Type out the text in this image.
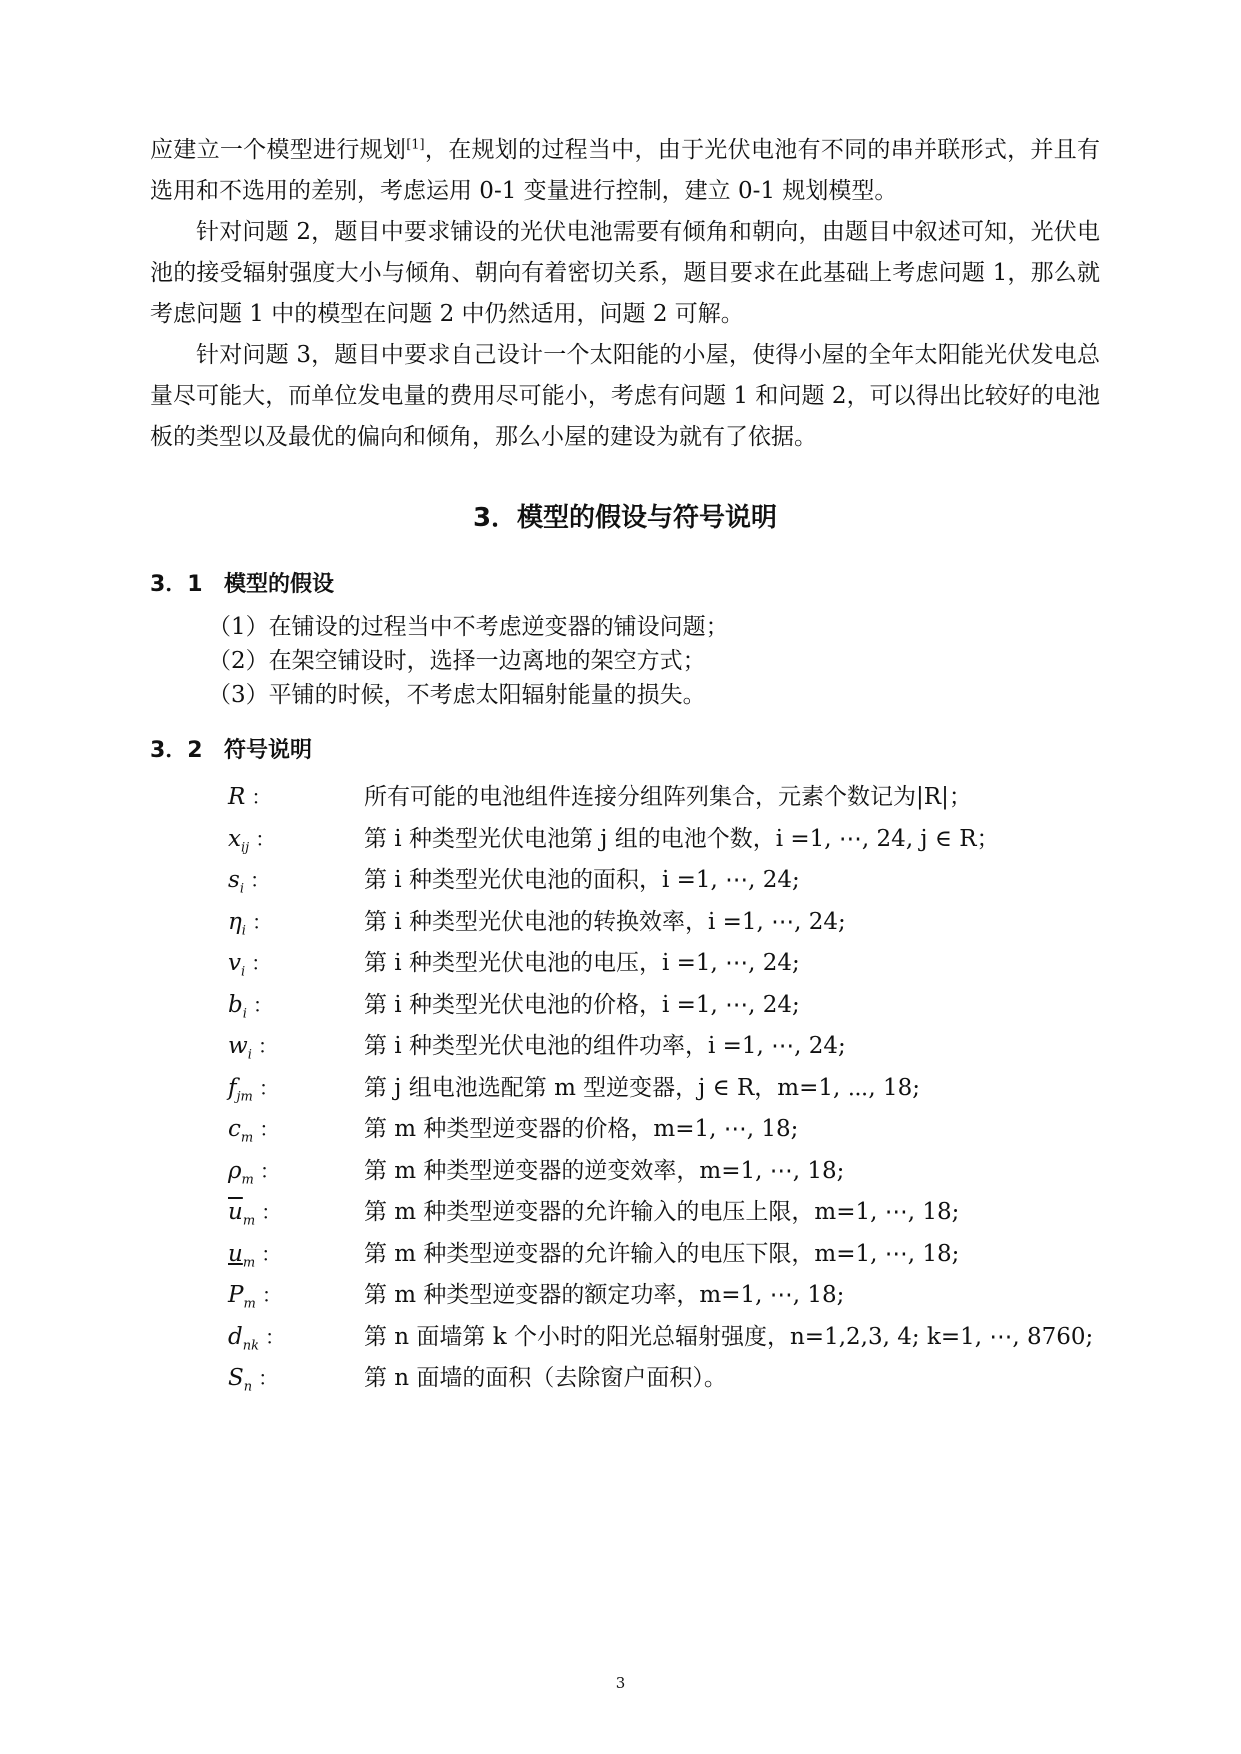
应建立一个模型进行规划[1]，在规划的过程当中，由于光伏电池有不同的串并联形式，并且有选用和不选用的差别，考虑运用 0-1 变量进行控制，建立 0-1 规划模型。

针对问题 2，题目中要求铺设的光伏电池需要有倾角和朝向，由题目中叙述可知，光伏电池的接受辐射强度大小与倾角、朝向有着密切关系，题目要求在此基础上考虑问题 1，那么就考虑问题 1 中的模型在问题 2 中仍然适用，问题 2 可解。

针对问题 3，题目中要求自己设计一个太阳能的小屋，使得小屋的全年太阳能光伏发电总量尽可能大，而单位发电量的费用尽可能小，考虑有问题 1 和问题 2，可以得出比较好的电池板的类型以及最优的偏向和倾角，那么小屋的建设为就有了依据。

3．模型的假设与符号说明
3．1 模型的假设
（1）在铺设的过程当中不考虑逆变器的铺设问题；
（2）在架空铺设时，选择一边离地的架空方式；
（3）平铺的时候，不考虑太阳辐射能量的损失。
3．2 符号说明
R ：	所有可能的电池组件连接分组阵列集合，元素个数记为|R|；
$x_{ij}$ ：	第 i 种类型光伏电池第 j 组的电池个数，i =1, ⋯, 24, j ∈ R；
$s_i$ ：	第 i 种类型光伏电池的面积，i =1, ⋯, 24;
$\eta_i$ ：	第 i 种类型光伏电池的转换效率，i =1, ⋯, 24;
$v_i$ ：	第 i 种类型光伏电池的电压，i =1, ⋯, 24;
$b_i$ ：	第 i 种类型光伏电池的价格，i =1, ⋯, 24;
$w_i$ ：	第 i 种类型光伏电池的组件功率，i =1, ⋯, 24;
$f_{jm}$ ：	第 j 组电池选配第 m 型逆变器，j ∈ R，m=1, ⋯, 18;
$c_m$ ：	第 m 种类型逆变器的价格，m=1, ⋯, 18;
$\rho_m$ ：	第 m 种类型逆变器的逆变效率，m=1, ⋯, 18;
$\overline{u}_m$ ：	第 m 种类型逆变器的允许输入的电压上限，m=1, ⋯, 18;
$u_m$ ：	第 m 种类型逆变器的允许输入的电压下限，m=1, ⋯, 18;
$P_m$ ：	第 m 种类型逆变器的额定功率，m=1, ⋯, 18;
$d_{nk}$ ：	第 n 面墙第 k 个小时的阳光总辐射强度，n=1,2,3, 4; k=1, ⋯, 8760;
$S_n$ ：	第 n 面墙的面积（去除窗户面积）。
3
